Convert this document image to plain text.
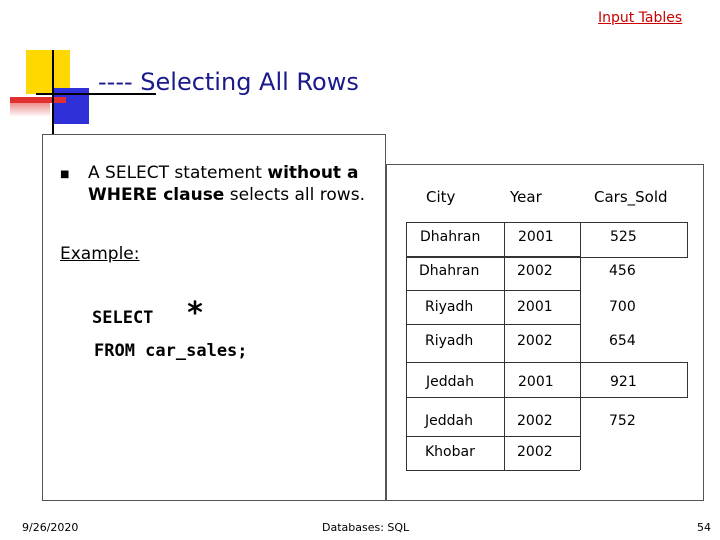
Input Tables
---- Selecting All Rows
■ A SELECT statement without a WHERE clause selects all rows.
Example:
SELECT *
FROM car_sales;
City	Year	Cars_Sold
Dhahran	2001	525
Dhahran	2002	456
Riyadh	2001	700
Riyadh	2002	654
Jeddah	2001	921
Jeddah	2002	752
Khobar	2002
9/26/2020	Databases: SQL	54
